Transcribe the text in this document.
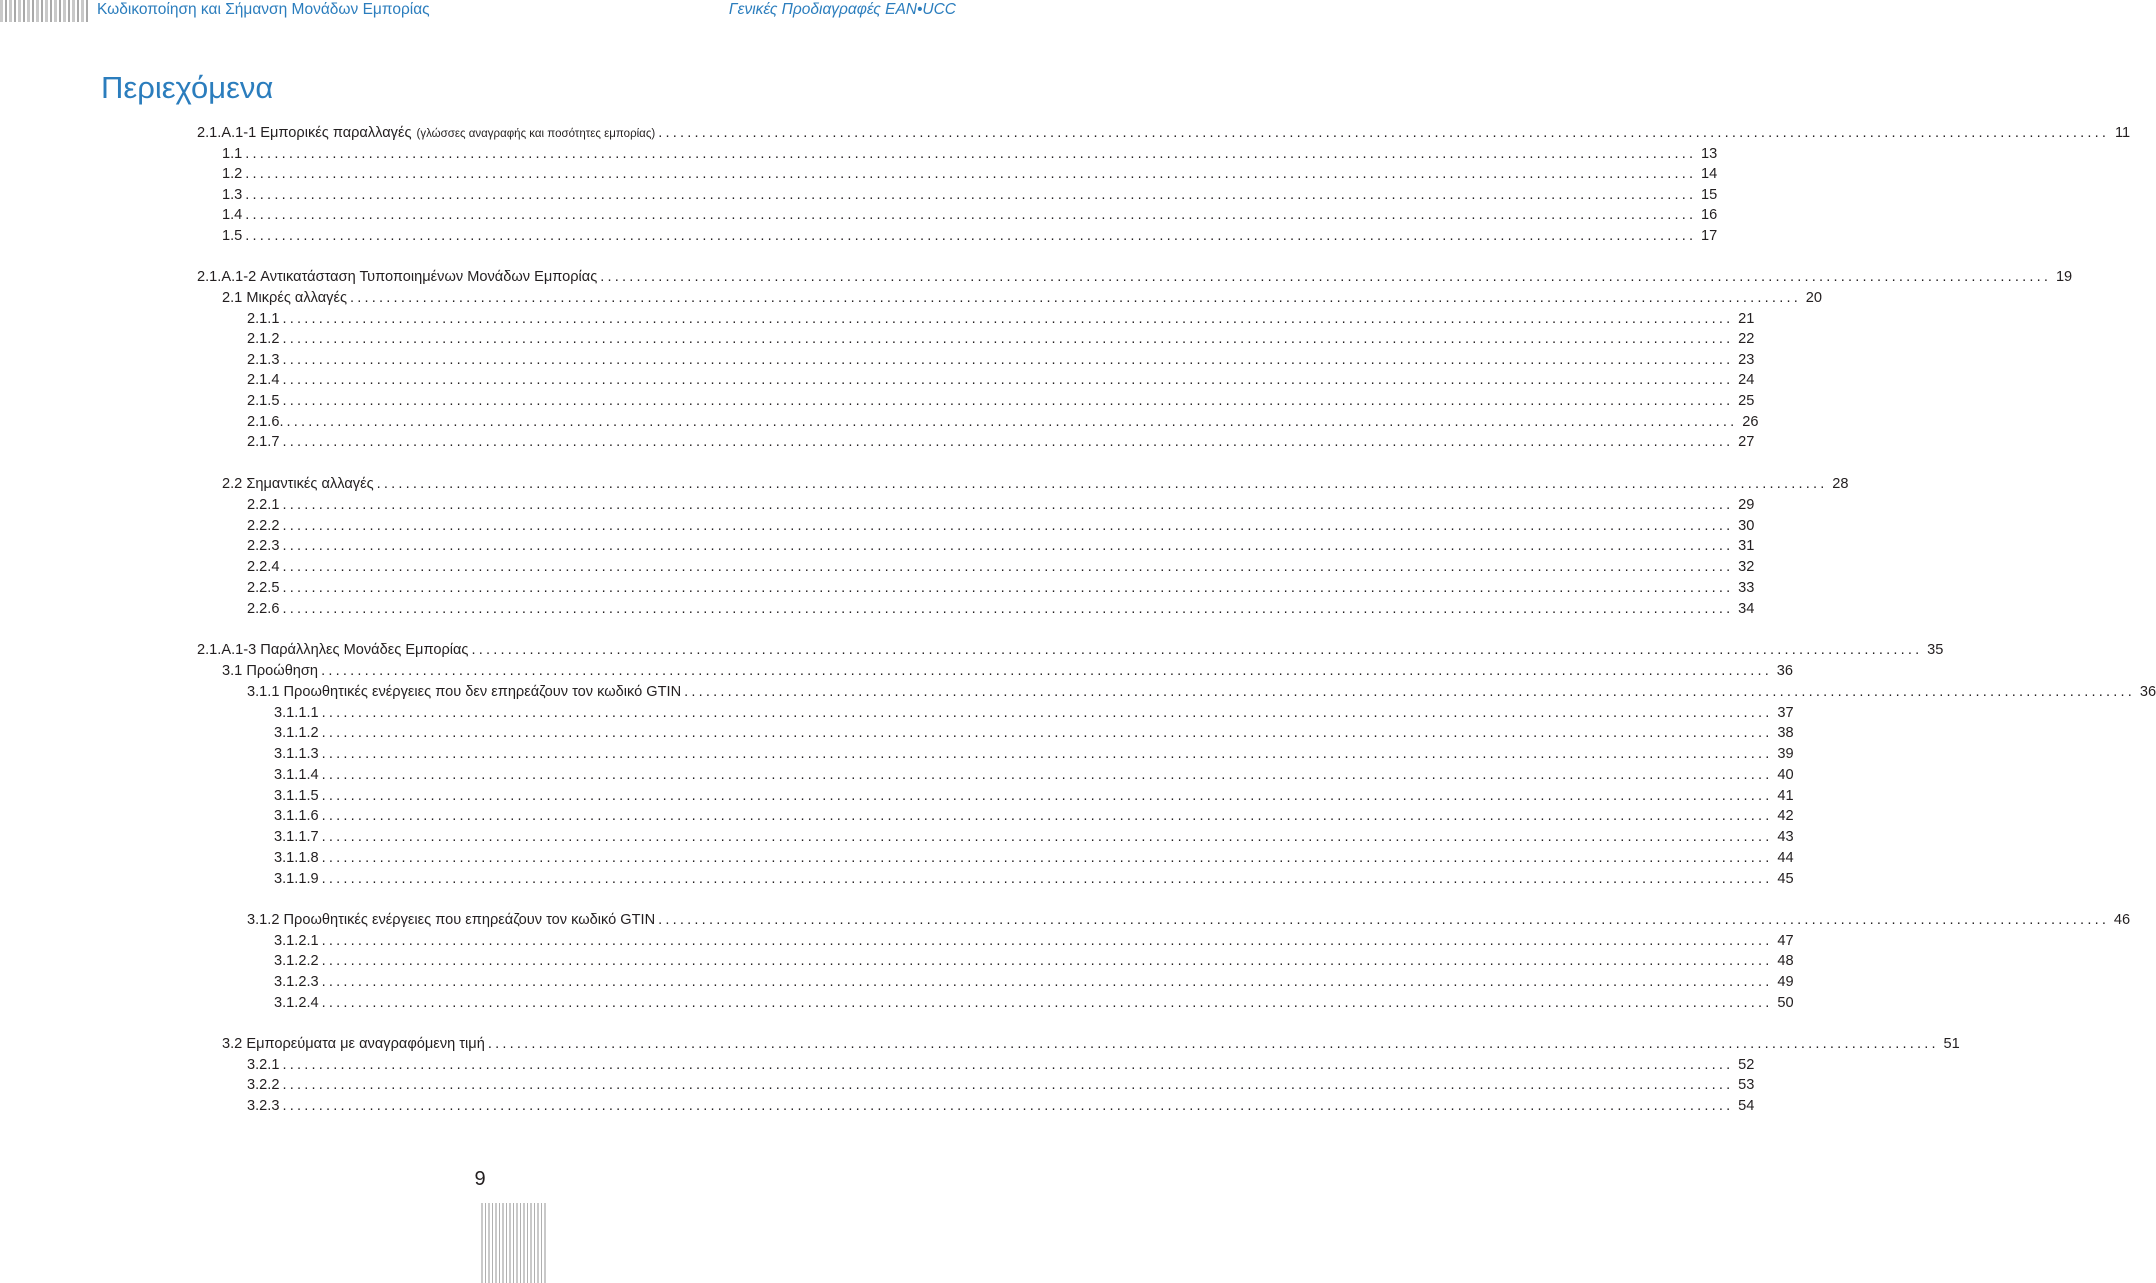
Κωδικοποίηση και Σήμανση Μονάδων Εμπορίας	Γενικές Προδιαγραφές EAN•UCC
Περιεχόμενα
2.1.A.1-1 Εμπορικές παραλλαγές (γλώσσες αναγραφής και ποσότητες εμπορίας) ........................................................................................................................................................................................................ 11
1.1 ........................................................................................................................................................................................................ 13
1.2 ........................................................................................................................................................................................................ 14
1.3 ........................................................................................................................................................................................................ 15
1.4 ........................................................................................................................................................................................................ 16
1.5 ........................................................................................................................................................................................................ 17
2.1.A.1-2 Αντικατάσταση Τυποποιημένων Μονάδων Εμπορίας ........................................................................................................................................................................................................ 19
2.1 Μικρές αλλαγές ........................................................................................................................................................................................................ 20
2.1.1 ........................................................................................................................................................................................................ 21
2.1.2 ........................................................................................................................................................................................................ 22
2.1.3 ........................................................................................................................................................................................................ 23
2.1.4 ........................................................................................................................................................................................................ 24
2.1.5 ........................................................................................................................................................................................................ 25
2.1.6. ........................................................................................................................................................................................................ 26
2.1.7 ........................................................................................................................................................................................................ 27
2.2 Σημαντικές αλλαγές ........................................................................................................................................................................................................ 28
2.2.1 ........................................................................................................................................................................................................ 29
2.2.2 ........................................................................................................................................................................................................ 30
2.2.3 ........................................................................................................................................................................................................ 31
2.2.4 ........................................................................................................................................................................................................ 32
2.2.5 ........................................................................................................................................................................................................ 33
2.2.6 ........................................................................................................................................................................................................ 34
2.1.A.1-3 Παράλληλες Μονάδες Εμπορίας ........................................................................................................................................................................................................ 35
3.1 Προώθηση ........................................................................................................................................................................................................ 36
3.1.1 Προωθητικές ενέργειες που δεν επηρεάζουν τον κωδικό GTIN ........................................................................................................................................................................................................ 36
3.1.1.1 ........................................................................................................................................................................................................ 37
3.1.1.2 ........................................................................................................................................................................................................ 38
3.1.1.3 ........................................................................................................................................................................................................ 39
3.1.1.4 ........................................................................................................................................................................................................ 40
3.1.1.5 ........................................................................................................................................................................................................ 41
3.1.1.6 ........................................................................................................................................................................................................ 42
3.1.1.7 ........................................................................................................................................................................................................ 43
3.1.1.8 ........................................................................................................................................................................................................ 44
3.1.1.9 ........................................................................................................................................................................................................ 45
3.1.2 Προωθητικές ενέργειες που επηρεάζουν τον κωδικό GTIN ........................................................................................................................................................................................................ 46
3.1.2.1 ........................................................................................................................................................................................................ 47
3.1.2.2 ........................................................................................................................................................................................................ 48
3.1.2.3 ........................................................................................................................................................................................................ 49
3.1.2.4 ........................................................................................................................................................................................................ 50
3.2 Εμπορεύματα με αναγραφόμενη τιμή ........................................................................................................................................................................................................ 51
3.2.1 ........................................................................................................................................................................................................ 52
3.2.2 ........................................................................................................................................................................................................ 53
3.2.3 ........................................................................................................................................................................................................ 54
9
